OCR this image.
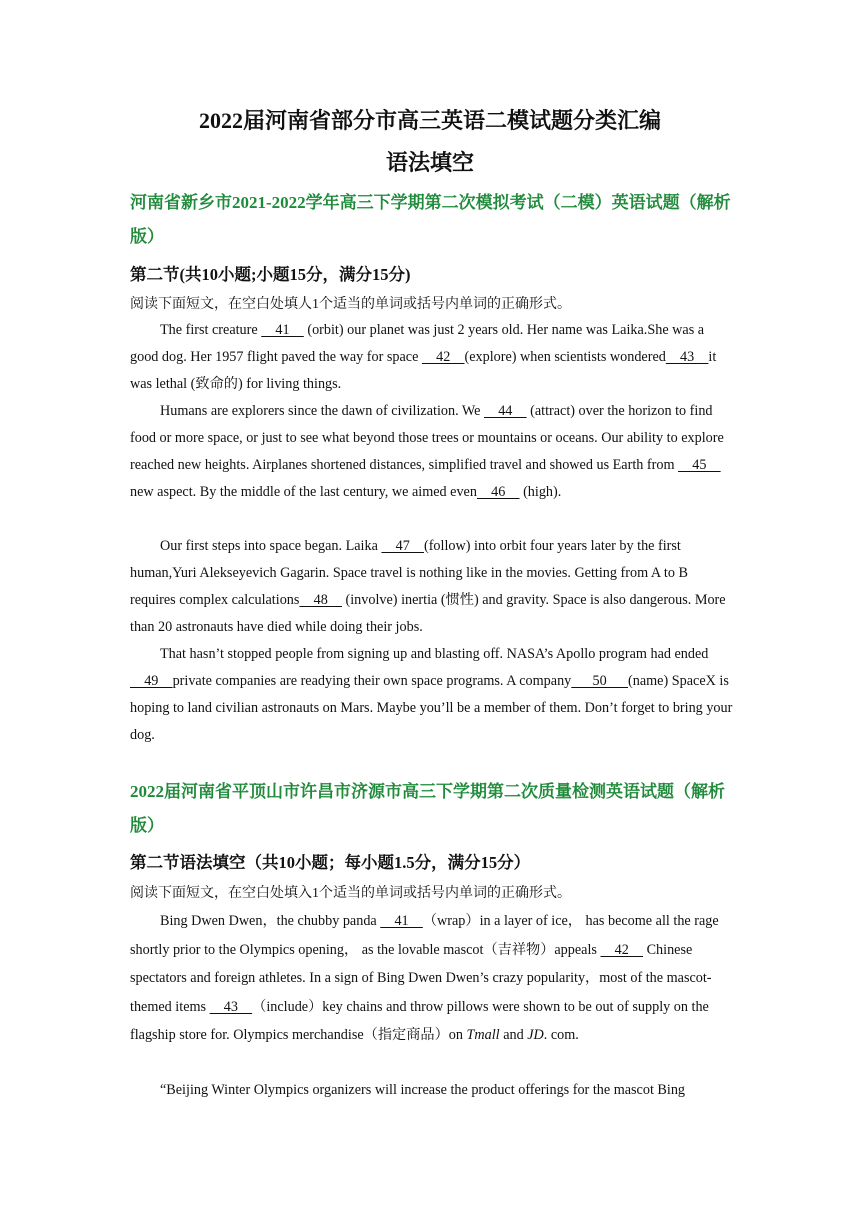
2022届河南省部分市高三英语二模试题分类汇编
语法填空
河南省新乡市2021-2022学年高三下学期第二次模拟考试（二模）英语试题（解析版）
第二节(共10小题;小题15分，满分15分)
阅读下面短文，在空白处填人1个适当的单词或括号内单词的正确形式。

The first creature     41     (orbit) our planet was just 2 years old. Her name was Laika.She was a good dog. Her 1957 flight paved the way for space     42    (explore) when scientists wondered    43    it was lethal (致命的) for living things.

Humans are explorers since the dawn of civilization. We     44     (attract) over the horizon to find food or more space, or just to see what beyond those trees or mountains or oceans. Our ability to explore reached new heights. Airplanes shortened distances, simplified travel and showed us Earth from     45     new aspect. By the middle of the last century, we aimed even    46     (high).

Our first steps into space began. Laika     47    (follow) into orbit four years later by the first human,Yuri Alekseyevich Gagarin. Space travel is nothing like in the movies. Getting from A to B requires complex calculations    48     (involve) inertia (惯性) and gravity. Space is also dangerous. More than 20 astronauts have died while doing their jobs.

That hasn’t stopped people from signing up and blasting off. NASA’s Apollo program had ended    49    private companies are readying their own space programs. A company      50      (name) SpaceX is hoping to land civilian astronauts on Mars. Maybe you’ll be a member of them. Don’t forget to bring your dog.

2022届河南省平顶山市许昌市济源市高三下学期第二次质量检测英语试题（解析版）
第二节语法填空（共10小题；每小题1.5分，满分15分）
阅读下面短文，在空白处填入1个适当的单词或括号内单词的正确形式。

Bing Dwen Dwen，the chubby panda     41    （wrap）in a layer of ice， has become all the rage shortly prior to the Olympics opening， as the lovable mascot（吉祥物）appeals     42     Chinese spectators and foreign athletes. In a sign of Bing Dwen Dwen’s crazy popularity，most of the mascot-themed items     43    （include）key chains and throw pillows were shown to be out of supply on the flagship store for. Olympics merchandise（指定商品）on Tmall and JD. com.

“Beijing Winter Olympics organizers will increase the product offerings for the mascot Bing
